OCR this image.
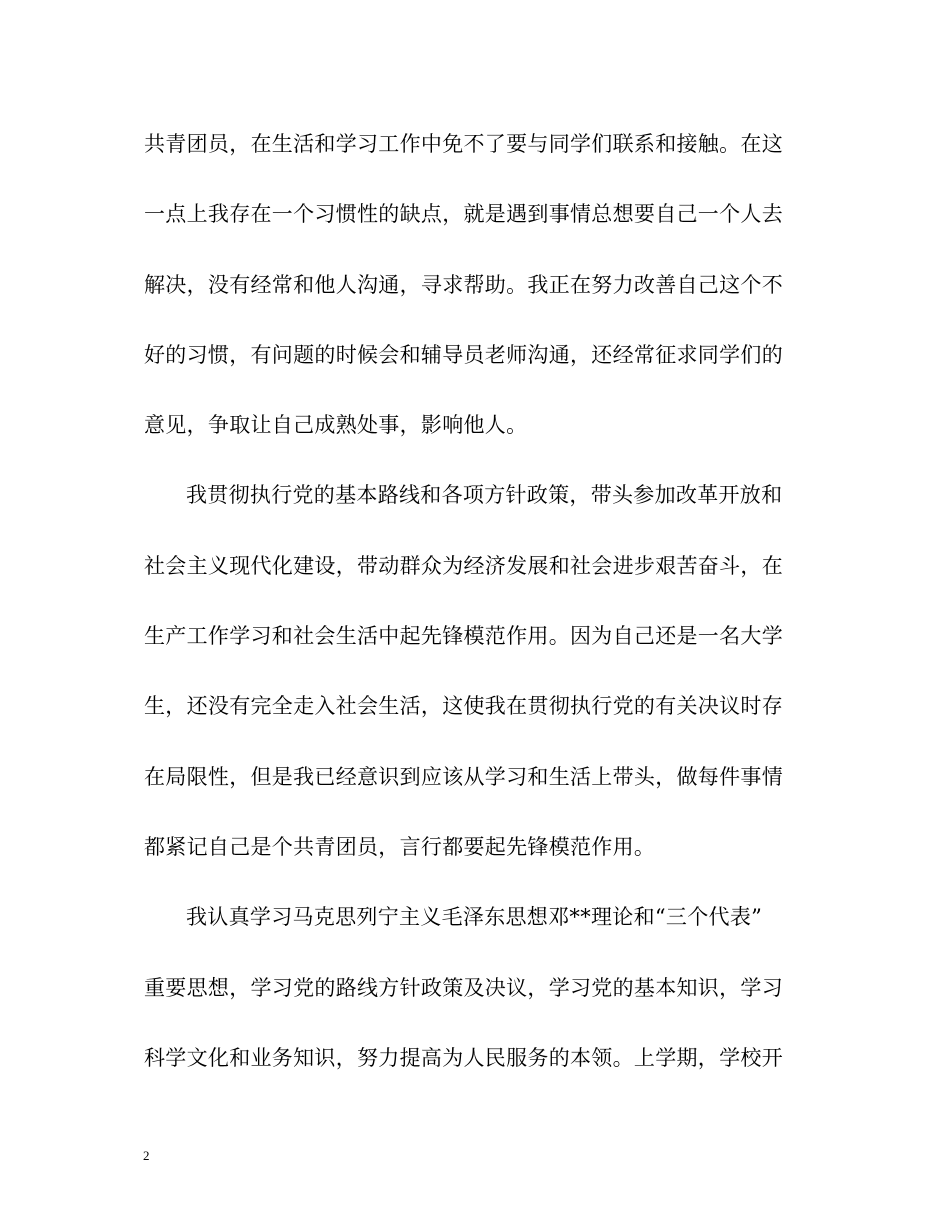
共青团员，在生活和学习工作中免不了要与同学们联系和接触。在这
一点上我存在一个习惯性的缺点，就是遇到事情总想要自己一个人去
解决，没有经常和他人沟通，寻求帮助。我正在努力改善自己这个不
好的习惯，有问题的时候会和辅导员老师沟通，还经常征求同学们的
意见，争取让自己成熟处事，影响他人。
我贯彻执行党的基本路线和各项方针政策，带头参加改革开放和
社会主义现代化建设，带动群众为经济发展和社会进步艰苦奋斗，在
生产工作学习和社会生活中起先锋模范作用。因为自己还是一名大学
生，还没有完全走入社会生活，这使我在贯彻执行党的有关决议时存
在局限性，但是我已经意识到应该从学习和生活上带头，做每件事情
都紧记自己是个共青团员，言行都要起先锋模范作用。
我认真学习马克思列宁主义毛泽东思想邓**理论和“三个代表”
重要思想，学习党的路线方针政策及决议，学习党的基本知识，学习
科学文化和业务知识，努力提高为人民服务的本领。上学期，学校开
2
